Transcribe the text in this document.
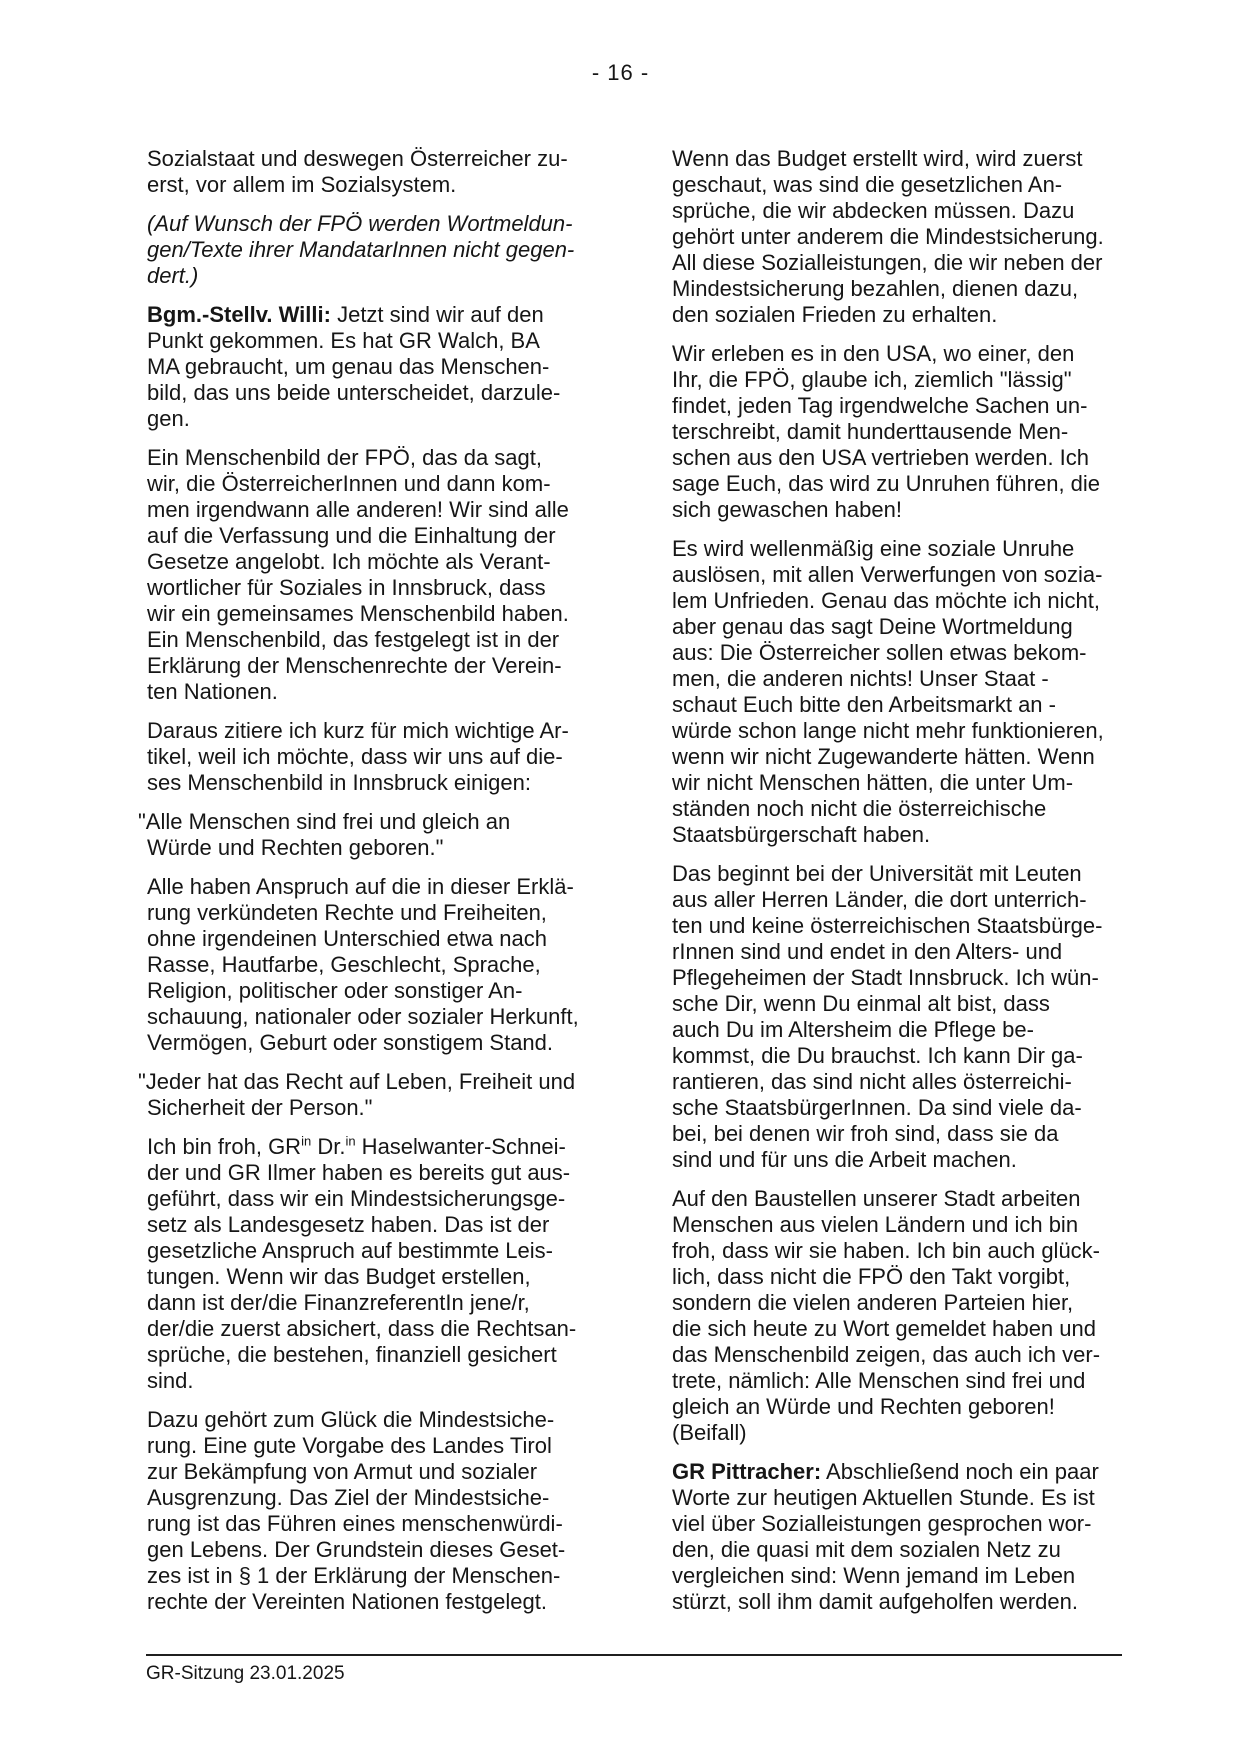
- 16 -

Sozialstaat und deswegen Österreicher zu-
erst, vor allem im Sozialsystem.

(Auf Wunsch der FPÖ werden Wortmeldun-
gen/Texte ihrer MandatarInnen nicht gegen-
dert.)

Bgm.-Stellv. Willi: Jetzt sind wir auf den
Punkt gekommen. Es hat GR Walch, BA
MA gebraucht, um genau das Menschen-
bild, das uns beide unterscheidet, darzule-
gen.

Ein Menschenbild der FPÖ, das da sagt,
wir, die ÖsterreicherInnen und dann kom-
men irgendwann alle anderen! Wir sind alle
auf die Verfassung und die Einhaltung der
Gesetze angelobt. Ich möchte als Verant-
wortlicher für Soziales in Innsbruck, dass
wir ein gemeinsames Menschenbild haben.
Ein Menschenbild, das festgelegt ist in der
Erklärung der Menschenrechte der Verein-
ten Nationen.

Daraus zitiere ich kurz für mich wichtige Ar-
tikel, weil ich möchte, dass wir uns auf die-
ses Menschenbild in Innsbruck einigen:

"Alle Menschen sind frei und gleich an
Würde und Rechten geboren."

Alle haben Anspruch auf die in dieser Erklä-
rung verkündeten Rechte und Freiheiten,
ohne irgendeinen Unterschied etwa nach
Rasse, Hautfarbe, Geschlecht, Sprache,
Religion, politischer oder sonstiger An-
schauung, nationaler oder sozialer Herkunft,
Vermögen, Geburt oder sonstigem Stand.

"Jeder hat das Recht auf Leben, Freiheit und
Sicherheit der Person."

Ich bin froh, $GR^{in}$ Dr.$^{in}$ Haselwanter-Schnei-
der und GR Ilmer haben es bereits gut aus-
geführt, dass wir ein Mindestsicherungsge-
setz als Landesgesetz haben. Das ist der
gesetzliche Anspruch auf bestimmte Leis-
tungen. Wenn wir das Budget erstellen,
dann ist der/die FinanzreferentIn jene/r,
der/die zuerst absichert, dass die Rechtsan-
sprüche, die bestehen, finanziell gesichert
sind.

Dazu gehört zum Glück die Mindestsiche-
rung. Eine gute Vorgabe des Landes Tirol
zur Bekämpfung von Armut und sozialer
Ausgrenzung. Das Ziel der Mindestsiche-
rung ist das Führen eines menschenwürdi-
gen Lebens. Der Grundstein dieses Geset-
zes ist in § 1 der Erklärung der Menschen-
rechte der Vereinten Nationen festgelegt.

Wenn das Budget erstellt wird, wird zuerst
geschaut, was sind die gesetzlichen An-
sprüche, die wir abdecken müssen. Dazu
gehört unter anderem die Mindestsicherung.
All diese Sozialleistungen, die wir neben der
Mindestsicherung bezahlen, dienen dazu,
den sozialen Frieden zu erhalten.

Wir erleben es in den USA, wo einer, den
Ihr, die FPÖ, glaube ich, ziemlich "lässig"
findet, jeden Tag irgendwelche Sachen un-
terschreibt, damit hunderttausende Men-
schen aus den USA vertrieben werden. Ich
sage Euch, das wird zu Unruhen führen, die
sich gewaschen haben!

Es wird wellenmäßig eine soziale Unruhe
auslösen, mit allen Verwerfungen von sozia-
lem Unfrieden. Genau das möchte ich nicht,
aber genau das sagt Deine Wortmeldung
aus: Die Österreicher sollen etwas bekom-
men, die anderen nichts! Unser Staat -
schaut Euch bitte den Arbeitsmarkt an -
würde schon lange nicht mehr funktionieren,
wenn wir nicht Zugewanderte hätten. Wenn
wir nicht Menschen hätten, die unter Um-
ständen noch nicht die österreichische
Staatsbürgerschaft haben.

Das beginnt bei der Universität mit Leuten
aus aller Herren Länder, die dort unterrich-
ten und keine österreichischen Staatsbürge-
rInnen sind und endet in den Alters- und
Pflegeheimen der Stadt Innsbruck. Ich wün-
sche Dir, wenn Du einmal alt bist, dass
auch Du im Altersheim die Pflege be-
kommst, die Du brauchst. Ich kann Dir ga-
rantieren, das sind nicht alles österreichi-
sche StaatsbürgerInnen. Da sind viele da-
bei, bei denen wir froh sind, dass sie da
sind und für uns die Arbeit machen.

Auf den Baustellen unserer Stadt arbeiten
Menschen aus vielen Ländern und ich bin
froh, dass wir sie haben. Ich bin auch glück-
lich, dass nicht die FPÖ den Takt vorgibt,
sondern die vielen anderen Parteien hier,
die sich heute zu Wort gemeldet haben und
das Menschenbild zeigen, das auch ich ver-
trete, nämlich: Alle Menschen sind frei und
gleich an Würde und Rechten geboren!
(Beifall)

GR Pittracher: Abschließend noch ein paar
Worte zur heutigen Aktuellen Stunde. Es ist
viel über Sozialleistungen gesprochen wor-
den, die quasi mit dem sozialen Netz zu
vergleichen sind: Wenn jemand im Leben
stürzt, soll ihm damit aufgeholfen werden.

GR-Sitzung 23.01.2025
